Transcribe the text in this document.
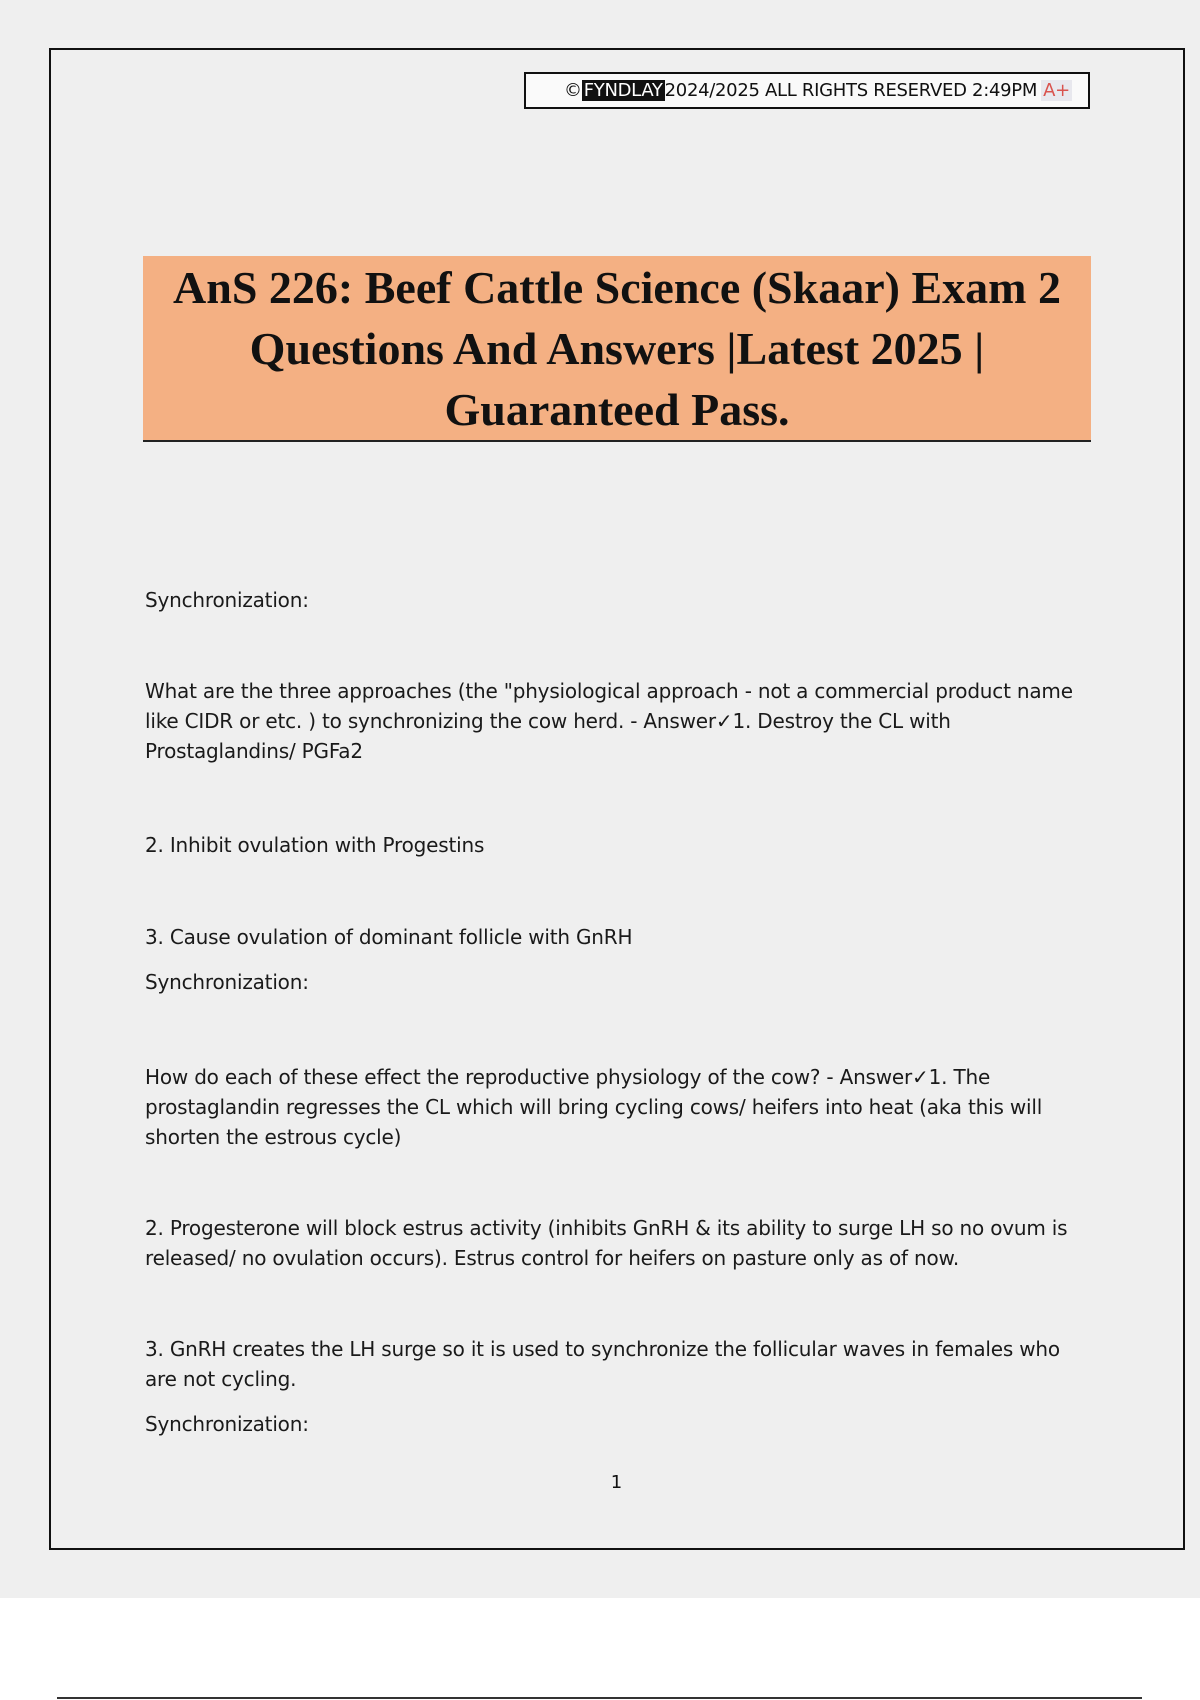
© FYNDLAY 2024/2025 ALL RIGHTS RESERVED 2:49PM A+
AnS 226: Beef Cattle Science (Skaar) Exam 2 Questions And Answers |Latest 2025 | Guaranteed Pass.

Synchronization:

What are the three approaches (the "physiological approach - not a commercial product name like CIDR or etc. ) to synchronizing the cow herd. - Answer✓1. Destroy the CL with Prostaglandins/ PGFa2

2. Inhibit ovulation with Progestins

3. Cause ovulation of dominant follicle with GnRH

Synchronization:

How do each of these effect the reproductive physiology of the cow? - Answer✓1. The prostaglandin regresses the CL which will bring cycling cows/ heifers into heat (aka this will shorten the estrous cycle)

2. Progesterone will block estrus activity (inhibits GnRH & its ability to surge LH so no ovum is released/ no ovulation occurs). Estrus control for heifers on pasture only as of now.

3. GnRH creates the LH surge so it is used to synchronize the follicular waves in females who are not cycling.

Synchronization:

1
